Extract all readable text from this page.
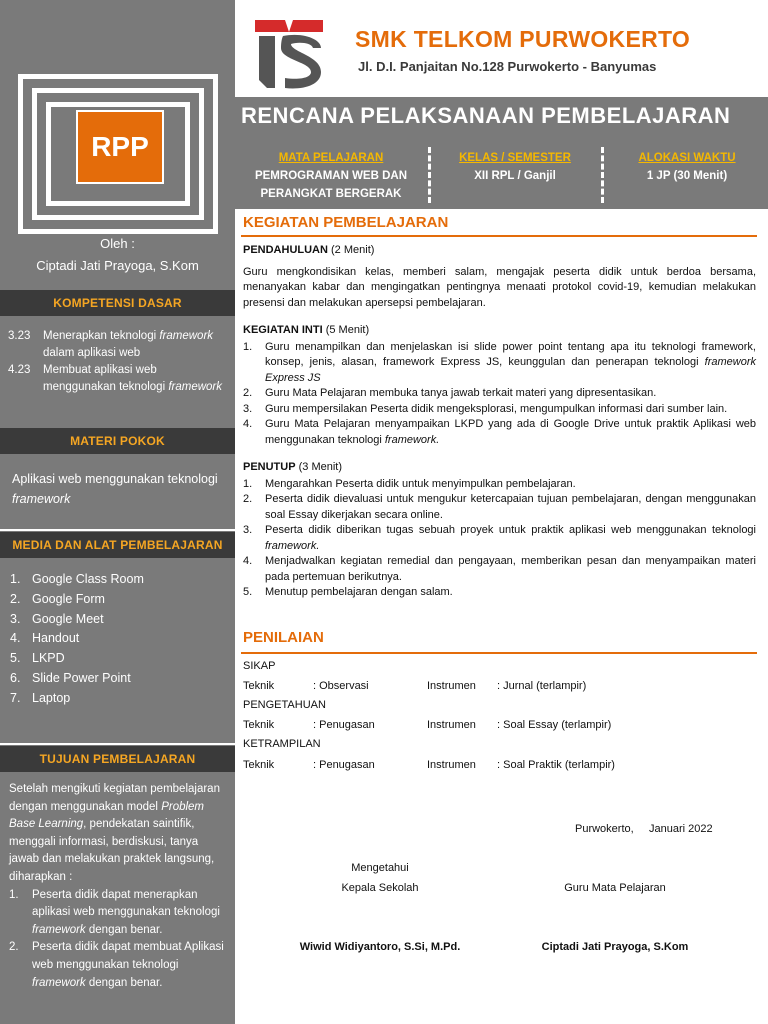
RPP
Oleh :
Ciptadi Jati Prayoga, S.Kom
KOMPETENSI DASAR
3.23	Menerapkan teknologi framework dalam aplikasi web
4.23	Membuat aplikasi web menggunakan teknologi framework
MATERI POKOK
Aplikasi web menggunakan teknologi
framework
MEDIA DAN ALAT PEMBELAJARAN
1. Google Class Room
2. Google Form
3. Google Meet
4. Handout
5. LKPD
6. Slide Power Point
7. Laptop
TUJUAN PEMBELAJARAN
Setelah mengikuti kegiatan pembelajaran dengan menggunakan model Problem Base Learning, pendekatan saintifik, menggali informasi, berdiskusi, tanya jawab dan melakukan praktek langsung, diharapkan :
1.	Peserta didik dapat menerapkan aplikasi web menggunakan teknologi framework dengan benar.
2.	Peserta didik dapat membuat Aplikasi web menggunakan teknologi framework dengan benar.
SMK TELKOM PURWOKERTO
Jl. D.I. Panjaitan No.128 Purwokerto - Banyumas
RENCANA PELAKSANAAN PEMBELAJARAN
MATA PELAJARAN
PEMROGRAMAN WEB DAN
PERANGKAT BERGERAK
KELAS / SEMESTER
XII RPL / Ganjil
ALOKASI WAKTU
1 JP (30 Menit)
KEGIATAN PEMBELAJARAN
PENDAHULUAN (2 Menit)

Guru mengkondisikan kelas, memberi salam, mengajak peserta didik untuk berdoa bersama, menanyakan kabar dan mengingatkan pentingnya menaati protokol covid-19, kemudian melakukan presensi dan melakukan apersepsi pembelajaran.

KEGIATAN INTI (5 Menit)
1.	Guru menampilkan dan menjelaskan isi slide power point tentang apa itu teknologi framework, konsep, jenis, alasan, framework Express JS, keunggulan dan penerapan teknologi framework Express JS
2.	Guru Mata Pelajaran membuka tanya jawab terkait materi yang dipresentasikan.
3.	Guru mempersilakan Peserta didik mengeksplorasi, mengumpulkan informasi dari sumber lain.
4.	Guru Mata Pelajaran menyampaikan LKPD yang ada di Google Drive untuk praktik Aplikasi web menggunakan teknologi framework.
PENUTUP (3 Menit)
1.	Mengarahkan Peserta didik untuk menyimpulkan pembelajaran.
2.	Peserta didik dievaluasi untuk mengukur ketercapaian tujuan pembelajaran, dengan menggunakan soal Essay dikerjakan secara online.
3.	Peserta didik diberikan tugas sebuah proyek untuk praktik aplikasi web menggunakan teknologi framework.
4.	Menjadwalkan kegiatan remedial dan pengayaan, memberikan pesan dan menyampaikan materi pada pertemuan berikutnya.
5.	Menutup pembelajaran dengan salam.
PENILAIAN
SIKAP
Teknik	: Observasi	Instrumen	: Jurnal (terlampir)
PENGETAHUAN
Teknik	: Penugasan	Instrumen	: Soal Essay (terlampir)
KETRAMPILAN
Teknik	: Penugasan	Instrumen	: Soal Praktik (terlampir)
Purwokerto,     Januari 2022
Mengetahui
Kepala Sekolah	Guru Mata Pelajaran
Wiwid Widiyantoro, S.Si, M.Pd.	Ciptadi Jati Prayoga, S.Kom
